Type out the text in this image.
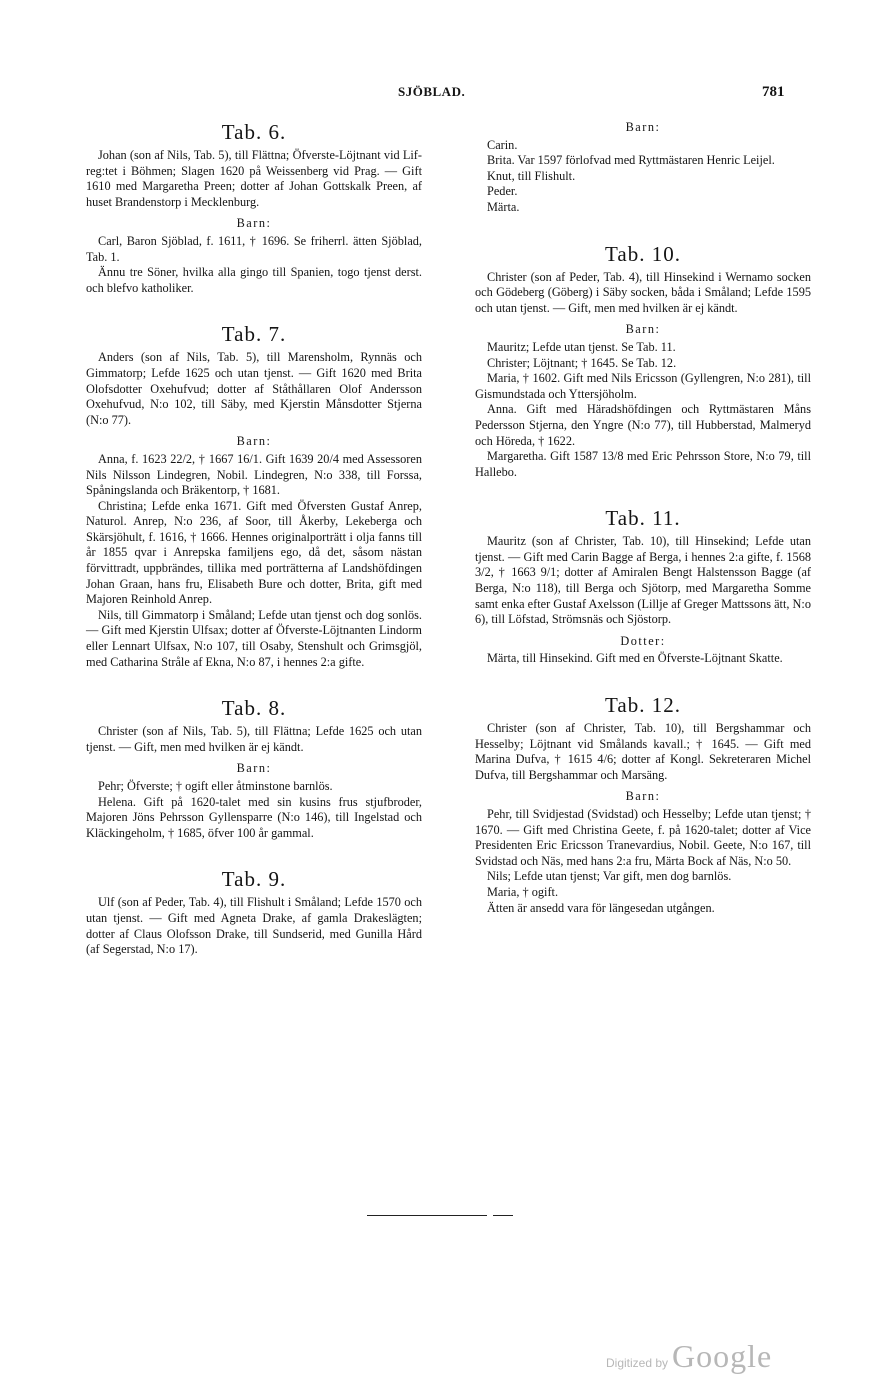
SJÖBLAD.	781
Tab. 6.

Johan (son af Nils, Tab. 5), till Flättna; Öfverste-Löjtnant vid Lif-reg:tet i Böhmen; Slagen 1620 på Weissenberg vid Prag. — Gift 1610 med Margaretha Preen; dotter af Johan Gottskalk Preen, af huset Brandenstorp i Mecklenburg.

Barn:

Carl, Baron Sjöblad, f. 1611, † 1696. Se friherrl. ätten Sjöblad, Tab. 1.

Ännu tre Söner, hvilka alla gingo till Spanien, togo tjenst derst. och blefvo katholiker.

Tab. 7.

Anders (son af Nils, Tab. 5), till Marensholm, Rynnäs och Gimmatorp; Lefde 1625 och utan tjenst. — Gift 1620 med Brita Olofsdotter Oxehufvud; dotter af Ståthållaren Olof Andersson Oxehufvud, N:o 102, till Säby, med Kjerstin Månsdotter Stjerna (N:o 77).

Barn:

Anna, f. 1623 22/2, † 1667 16/1. Gift 1639 20/4 med Assessoren Nils Nilsson Lindegren, Nobil. Lindegren, N:o 338, till Forssa, Spåningslanda och Bräkentorp, † 1681.

Christina; Lefde enka 1671. Gift med Öfversten Gustaf Anrep, Naturol. Anrep, N:o 236, af Soor, till Åkerby, Lekeberga och Skärsjöhult, f. 1616, † 1666. Hennes originalporträtt i olja fanns till år 1855 qvar i Anrepska familjens ego, då det, såsom nästan förvittradt, uppbrändes, tillika med porträtterna af Landshöfdingen Johan Graan, hans fru, Elisabeth Bure och dotter, Brita, gift med Majoren Reinhold Anrep.

Nils, till Gimmatorp i Småland; Lefde utan tjenst och dog sonlös. — Gift med Kjerstin Ulfsax; dotter af Öfverste-Löjtnanten Lindorm eller Lennart Ulfsax, N:o 107, till Osaby, Stenshult och Grimsgjöl, med Catharina Stråle af Ekna, N:o 87, i hennes 2:a gifte.

Tab. 8.

Christer (son af Nils, Tab. 5), till Flättna; Lefde 1625 och utan tjenst. — Gift, men med hvilken är ej kändt.

Barn:

Pehr; Öfverste; † ogift eller åtminstone barnlös.

Helena. Gift på 1620-talet med sin kusins frus stjufbroder, Majoren Jöns Pehrsson Gyllensparre (N:o 146), till Ingelstad och Kläckingeholm, † 1685, öfver 100 år gammal.

Tab. 9.

Ulf (son af Peder, Tab. 4), till Flishult i Småland; Lefde 1570 och utan tjenst. — Gift med Agneta Drake, af gamla Drakeslägten; dotter af Claus Olofsson Drake, till Sundserid, med Gunilla Hård (af Segerstad, N:o 17).

Barn:

Carin.

Brita. Var 1597 förlofvad med Ryttmästaren Henric Leijel.

Knut, till Flishult.

Peder.

Märta.

Tab. 10.

Christer (son af Peder, Tab. 4), till Hinsekind i Wernamo socken och Gödeberg (Göberg) i Säby socken, båda i Småland; Lefde 1595 och utan tjenst. — Gift, men med hvilken är ej kändt.

Barn:

Mauritz; Lefde utan tjenst. Se Tab. 11.

Christer; Löjtnant; † 1645. Se Tab. 12.

Maria, † 1602. Gift med Nils Ericsson (Gyllengren, N:o 281), till Gismundstada och Yttersjöholm.

Anna. Gift med Häradshöfdingen och Ryttmästaren Måns Pedersson Stjerna, den Yngre (N:o 77), till Hubberstad, Malmeryd och Höreda, † 1622.

Margaretha. Gift 1587 13/8 med Eric Pehrsson Store, N:o 79, till Hallebo.

Tab. 11.

Mauritz (son af Christer, Tab. 10), till Hinsekind; Lefde utan tjenst. — Gift med Carin Bagge af Berga, i hennes 2:a gifte, f. 1568 3/2, † 1663 9/1; dotter af Amiralen Bengt Halstensson Bagge (af Berga, N:o 118), till Berga och Sjötorp, med Margaretha Somme samt enka efter Gustaf Axelsson (Lillje af Greger Mattssons ätt, N:o 6), till Löfstad, Strömsnäs och Sjöstorp.

Dotter:

Märta, till Hinsekind. Gift med en Öfverste-Löjtnant Skatte.

Tab. 12.

Christer (son af Christer, Tab. 10), till Bergshammar och Hesselby; Löjtnant vid Smålands kavall.; † 1645. — Gift med Marina Dufva, † 1615 4/6; dotter af Kongl. Sekreteraren Michel Dufva, till Bergshammar och Marsäng.

Barn:

Pehr, till Svidjestad (Svidstad) och Hesselby; Lefde utan tjenst; † 1670. — Gift med Christina Geete, f. på 1620-talet; dotter af Vice Presidenten Eric Ericsson Tranevardius, Nobil. Geete, N:o 167, till Svidstad och Näs, med hans 2:a fru, Märta Bock af Näs, N:o 50.

Nils; Lefde utan tjenst; Var gift, men dog barnlös.

Maria, † ogift.

Ätten är ansedd vara för längesedan utgången.

Digitized by Google
